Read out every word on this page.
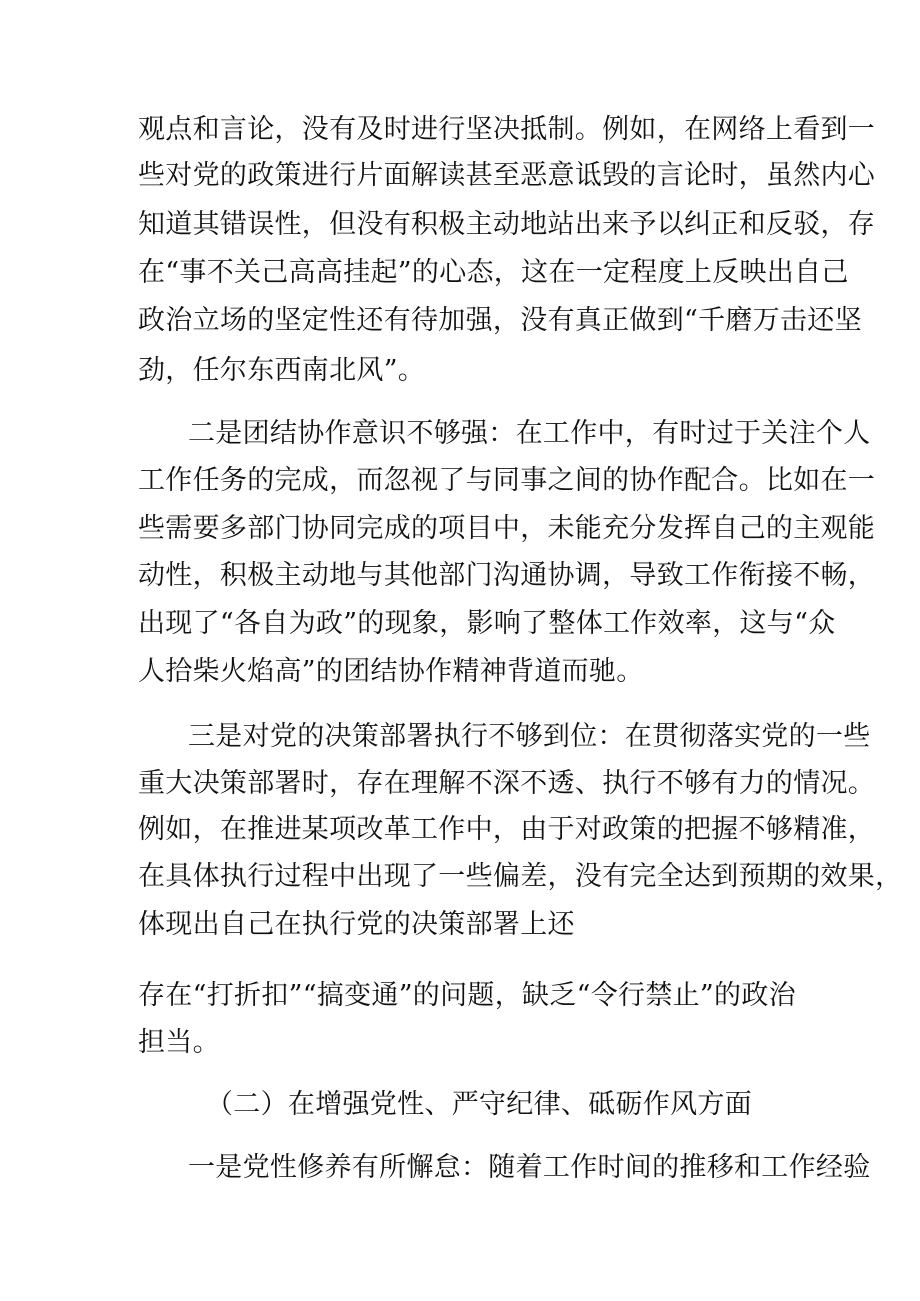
观点和言论，没有及时进行坚决抵制。例如，在网络上看到一
些对党的政策进行片面解读甚至恶意诋毁的言论时，虽然内心
知道其错误性，但没有积极主动地站出来予以纠正和反驳，存
在“事不关己高高挂起”的心态，这在一定程度上反映出自己
政治立场的坚定性还有待加强，没有真正做到“千磨万击还坚
劲，任尔东西南北风”。
二是团结协作意识不够强：在工作中，有时过于关注个人
工作任务的完成，而忽视了与同事之间的协作配合。比如在一
些需要多部门协同完成的项目中，未能充分发挥自己的主观能
动性，积极主动地与其他部门沟通协调，导致工作衔接不畅，
出现了“各自为政”的现象，影响了整体工作效率，这与“众
人拾柴火焰高”的团结协作精神背道而驰。
三是对党的决策部署执行不够到位：在贯彻落实党的一些
重大决策部署时，存在理解不深不透、执行不够有力的情况。
例如，在推进某项改革工作中，由于对政策的把握不够精准，
在具体执行过程中出现了一些偏差，没有完全达到预期的效果，
体现出自己在执行党的决策部署上还
存在“打折扣”“搞变通”的问题，缺乏“令行禁止”的政治
担当。
（二）在增强党性、严守纪律、砥砺作风方面
一是党性修养有所懈怠：随着工作时间的推移和工作经验
